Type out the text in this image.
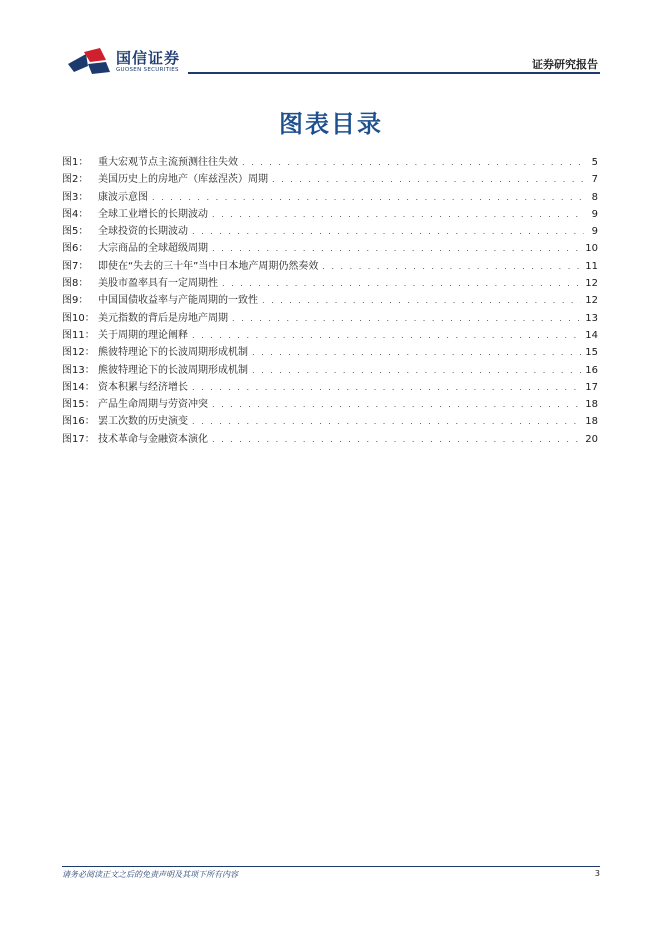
国信证券
GUOSEN SECURITIES	证券研究报告
图表目录
图1： 重大宏观节点主流预测往往失效 . . .	5
图2： 美国历史上的房地产（库兹涅茨）周期 . . .	7
图3： 康波示意图 . . .	8
图4： 全球工业增长的长期波动 . . .	9
图5： 全球投资的长期波动 . . .	9
图6： 大宗商品的全球超级周期 . . .	10
图7： 即使在“失去的三十年”当中日本地产周期仍然奏效 . . .	11
图8： 美股市盈率具有一定周期性 . . .	12
图9： 中国国债收益率与产能周期的一致性 . . .	12
图10： 美元指数的背后是房地产周期 . . .	13
图11： 关于周期的理论阐释 . . .	14
图12： 熊彼特理论下的长波周期形成机制 . . .	15
图13： 熊彼特理论下的长波周期形成机制 . . .	16
图14： 资本积累与经济增长 . . .	17
图15： 产品生命周期与劳资冲突 . . .	18
图16： 罢工次数的历史演变 . . .	18
图17： 技术革命与金融资本演化 . . .	20
请务必阅读正文之后的免责声明及其项下所有内容	3
